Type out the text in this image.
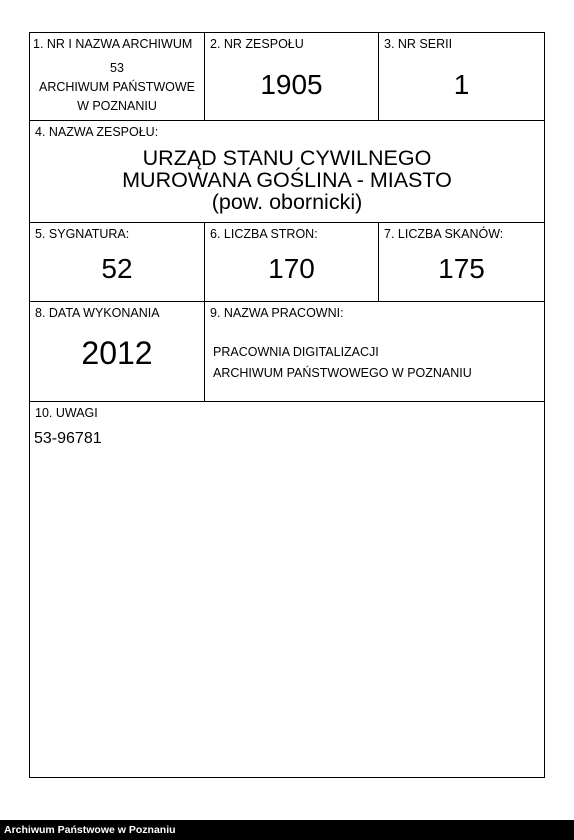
1. NR I NAZWA ARCHIWUM
53
ARCHIWUM PAŃSTWOWE
W POZNANIU
2. NR ZESPOŁU
1905
3. NR SERII
1
4. NAZWA ZESPOŁU:
URZĄD STANU CYWILNEGO
MUROWANA GOŚLINA - MIASTO
(pow. obornicki)
5. SYGNATURA:
52
6. LICZBA STRON:
170
7. LICZBA SKANÓW:
175
8. DATA WYKONANIA
2012
9. NAZWA PRACOWNI:
PRACOWNIA DIGITALIZACJI
ARCHIWUM PAŃSTWOWEGO W POZNANIU
10. UWAGI
53-96781
Archiwum Państwowe w Poznaniu
